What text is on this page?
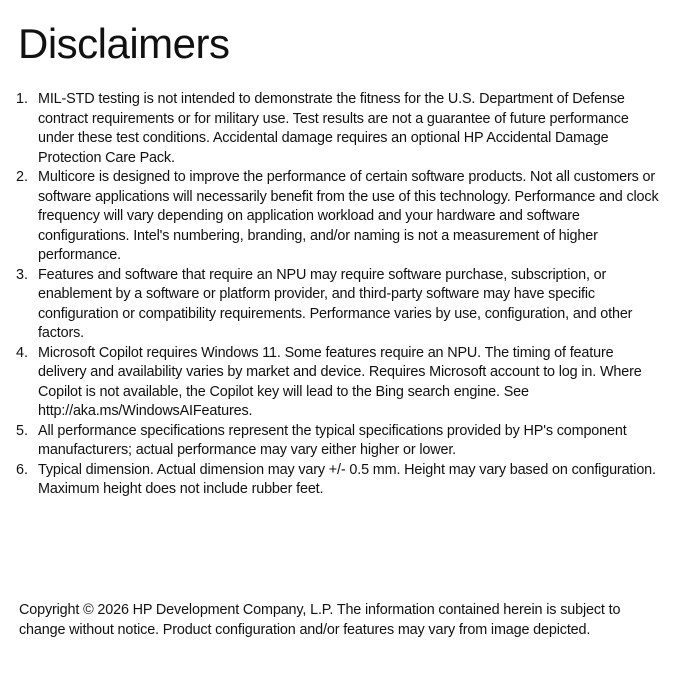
Disclaimers
1. MIL-STD testing is not intended to demonstrate the fitness for the U.S. Department of Defense contract requirements or for military use. Test results are not a guarantee of future performance under these test conditions. Accidental damage requires an optional HP Accidental Damage Protection Care Pack.
2. Multicore is designed to improve the performance of certain software products. Not all customers or software applications will necessarily benefit from the use of this technology. Performance and clock frequency will vary depending on application workload and your hardware and software configurations. Intel's numbering, branding, and/or naming is not a measurement of higher performance.
3. Features and software that require an NPU may require software purchase, subscription, or enablement by a software or platform provider, and third-party software may have specific configuration or compatibility requirements. Performance varies by use, configuration, and other factors.
4. Microsoft Copilot requires Windows 11. Some features require an NPU. The timing of feature delivery and availability varies by market and device. Requires Microsoft account to log in. Where Copilot is not available, the Copilot key will lead to the Bing search engine. See http://aka.ms/WindowsAIFeatures.
5. All performance specifications represent the typical specifications provided by HP's component manufacturers; actual performance may vary either higher or lower.
6. Typical dimension. Actual dimension may vary +/- 0.5 mm. Height may vary based on configuration. Maximum height does not include rubber feet.

Copyright © 2026 HP Development Company, L.P. The information contained herein is subject to change without notice. Product configuration and/or features may vary from image depicted.
